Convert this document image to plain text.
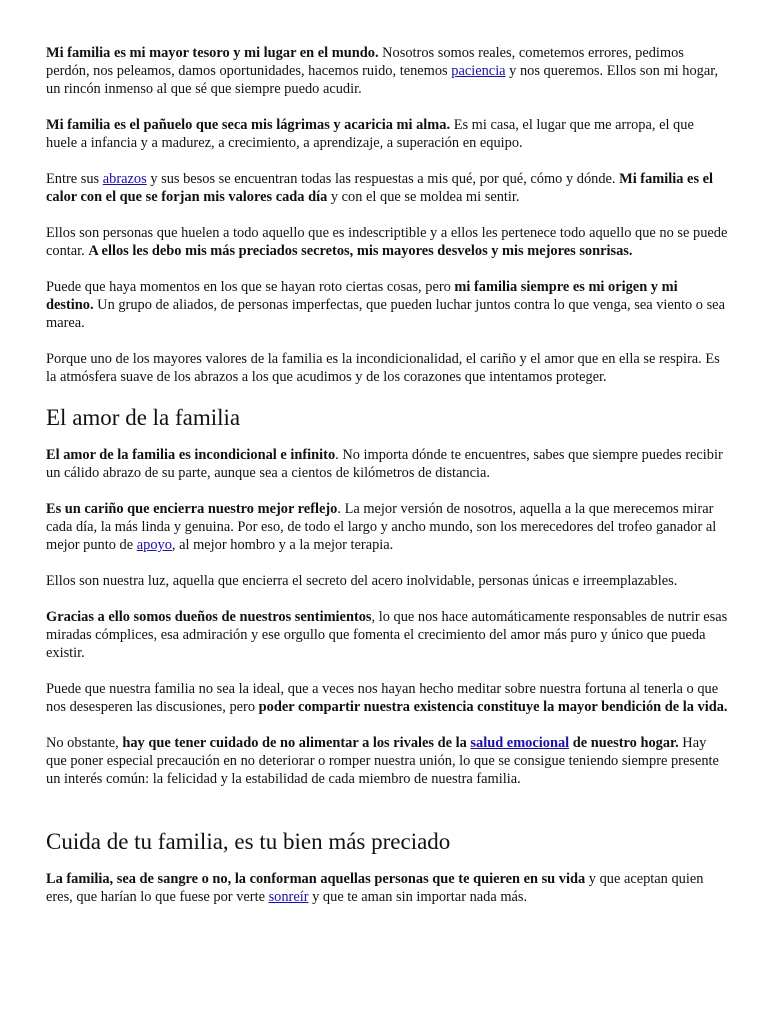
Mi familia es mi mayor tesoro y mi lugar en el mundo. Nosotros somos reales, cometemos errores, pedimos perdón, nos peleamos, damos oportunidades, hacemos ruido, tenemos paciencia y nos queremos. Ellos son mi hogar, un rincón inmenso al que sé que siempre puedo acudir.

Mi familia es el pañuelo que seca mis lágrimas y acaricia mi alma. Es mi casa, el lugar que me arropa, el que huele a infancia y a madurez, a crecimiento, a aprendizaje, a superación en equipo.

Entre sus abrazos y sus besos se encuentran todas las respuestas a mis qué, por qué, cómo y dónde. Mi familia es el calor con el que se forjan mis valores cada día y con el que se moldea mi sentir.

Ellos son personas que huelen a todo aquello que es indescriptible y a ellos les pertenece todo aquello que no se puede contar. A ellos les debo mis más preciados secretos, mis mayores desvelos y mis mejores sonrisas.

Puede que haya momentos en los que se hayan roto ciertas cosas, pero mi familia siempre es mi origen y mi destino. Un grupo de aliados, de personas imperfectas, que pueden luchar juntos contra lo que venga, sea viento o sea marea.

Porque uno de los mayores valores de la familia es la incondicionalidad, el cariño y el amor que en ella se respira. Es la atmósfera suave de los abrazos a los que acudimos y de los corazones que intentamos proteger.

El amor de la familia

El amor de la familia es incondicional e infinito. No importa dónde te encuentres, sabes que siempre puedes recibir un cálido abrazo de su parte, aunque sea a cientos de kilómetros de distancia.

Es un cariño que encierra nuestro mejor reflejo. La mejor versión de nosotros, aquella a la que merecemos mirar cada día, la más linda y genuina. Por eso, de todo el largo y ancho mundo, son los merecedores del trofeo ganador al mejor punto de apoyo, al mejor hombro y a la mejor terapia.

Ellos son nuestra luz, aquella que encierra el secreto del acero inolvidable, personas únicas e irreemplazables.

Gracias a ello somos dueños de nuestros sentimientos, lo que nos hace automáticamente responsables de nutrir esas miradas cómplices, esa admiración y ese orgullo que fomenta el crecimiento del amor más puro y único que pueda existir.

Puede que nuestra familia no sea la ideal, que a veces nos hayan hecho meditar sobre nuestra fortuna al tenerla o que nos desesperen las discusiones, pero poder compartir nuestra existencia constituye la mayor bendición de la vida.

No obstante, hay que tener cuidado de no alimentar a los rivales de la salud emocional de nuestro hogar. Hay que poner especial precaución en no deteriorar o romper nuestra unión, lo que se consigue teniendo siempre presente un interés común: la felicidad y la estabilidad de cada miembro de nuestra familia.

Cuida de tu familia, es tu bien más preciado

La familia, sea de sangre o no, la conforman aquellas personas que te quieren en su vida y que aceptan quien eres, que harían lo que fuese por verte sonreír y que te aman sin importar nada más.
